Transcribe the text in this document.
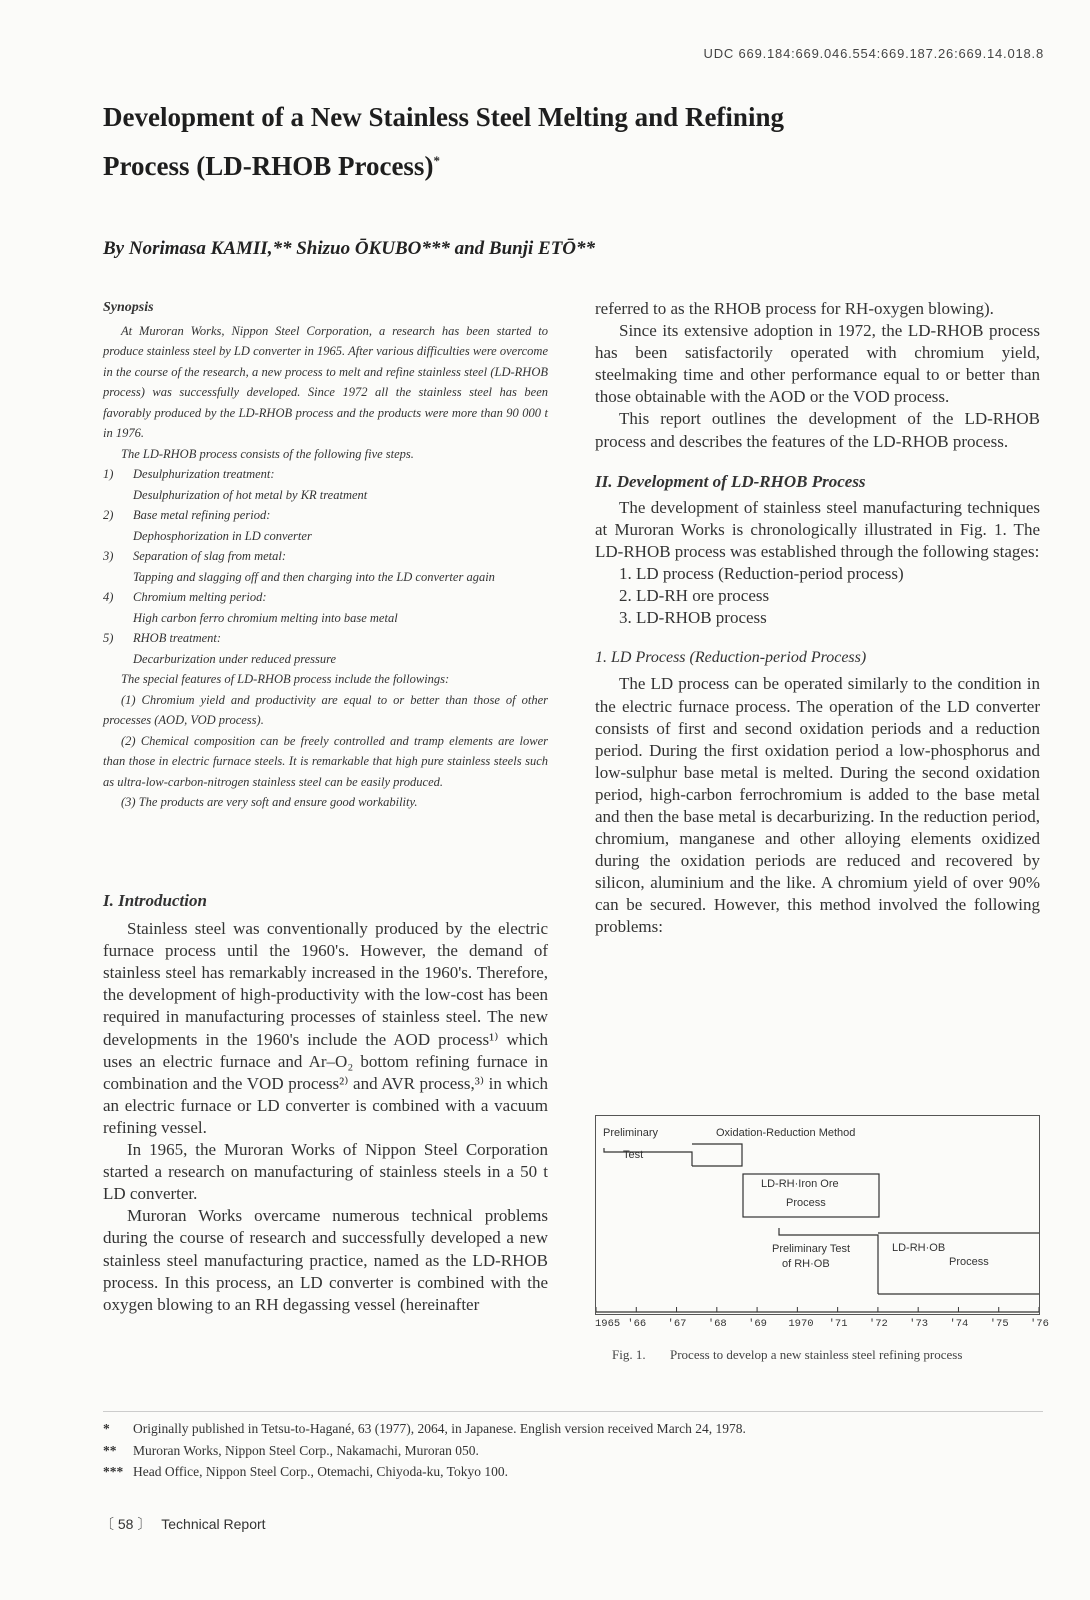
UDC 669.184:669.046.554:669.187.26:669.14.018.8
Development of a New Stainless Steel Melting and Refining
Process (LD-RHOB Process)*
By Norimasa KAMII,** Shizuo ŌKUBO*** and Bunji ETŌ**
Synopsis

At Muroran Works, Nippon Steel Corporation, a research has been started to produce stainless steel by LD converter in 1965. After various difficulties were overcome in the course of the research, a new process to melt and refine stainless steel (LD-RHOB process) was successfully developed. Since 1972 all the stainless steel has been favorably produced by the LD-RHOB process and the products were more than 90 000 t in 1976.

The LD-RHOB process consists of the following five steps.

1)	Desulphurization treatment:
Desulphurization of hot metal by KR treatment
2)	Base metal refining period:
Dephosphorization in LD converter
3)	Separation of slag from metal:
Tapping and slagging off and then charging into the LD converter again
4)	Chromium melting period:
High carbon ferro chromium melting into base metal
5)	RHOB treatment:
Decarburization under reduced pressure

The special features of LD-RHOB process include the followings:

(1) Chromium yield and productivity are equal to or better than those of other processes (AOD, VOD process).

(2) Chemical composition can be freely controlled and tramp elements are lower than those in electric furnace steels. It is remarkable that high pure stainless steels such as ultra-low-carbon-nitrogen stainless steel can be easily produced.

(3) The products are very soft and ensure good workability.

I. Introduction

Stainless steel was conventionally produced by the electric furnace process until the 1960's. However, the demand of stainless steel has remarkably increased in the 1960's. Therefore, the development of high-productivity with the low-cost has been required in manufacturing processes of stainless steel. The new developments in the 1960's include the AOD process¹⁾ which uses an electric furnace and Ar–O₂ bottom refining furnace in combination and the VOD process²⁾ and AVR process,³⁾ in which an electric furnace or LD converter is combined with a vacuum refining vessel.

In 1965, the Muroran Works of Nippon Steel Corporation started a research on manufacturing of stainless steels in a 50 t LD converter.

Muroran Works overcame numerous technical problems during the course of research and successfully developed a new stainless steel manufacturing practice, named as the LD-RHOB process. In this process, an LD converter is combined with the oxygen blowing to an RH degassing vessel (hereinafter

referred to as the RHOB process for RH-oxygen blowing).

Since its extensive adoption in 1972, the LD-RHOB process has been satisfactorily operated with chromium yield, steelmaking time and other performance equal to or better than those obtainable with the AOD or the VOD process.

This report outlines the development of the LD-RHOB process and describes the features of the LD-RHOB process.

II. Development of LD-RHOB Process

The development of stainless steel manufacturing techniques at Muroran Works is chronologically illustrated in Fig. 1. The LD-RHOB process was established through the following stages:

1. LD process (Reduction-period process)
2. LD-RH ore process
3. LD-RHOB process
1. LD Process (Reduction-period Process)

The LD process can be operated similarly to the condition in the electric furnace process. The operation of the LD converter consists of first and second oxidation periods and a reduction period. During the first oxidation period a low-phosphorus and low-sulphur base metal is melted. During the second oxidation period, high-carbon ferrochromium is added to the base metal and then the base metal is decarburizing. In the reduction period, chromium, manganese and other alloying elements oxidized during the oxidation periods are reduced and recovered by silicon, aluminium and the like. A chromium yield of over 90% can be secured. However, this method involved the following problems:

Preliminary
Test
Oxidation-Reduction Method
LD-RH·Iron Ore
Process
Preliminary Test
of RH·OB
LD-RH·OB
Process
1965 '66 '67 '68 '69 1970 '71 '72 '73 '74 '75 '76
Fig. 1. Process to develop a new stainless steel refining process
*	Originally published in Tetsu-to-Hagané, 63 (1977), 2064, in Japanese. English version received March 24, 1978.
**	Muroran Works, Nippon Steel Corp., Nakamachi, Muroran 050.
*** Head Office, Nippon Steel Corp., Otemachi, Chiyoda-ku, Tokyo 100.
〔 58 〕 Technical Report
